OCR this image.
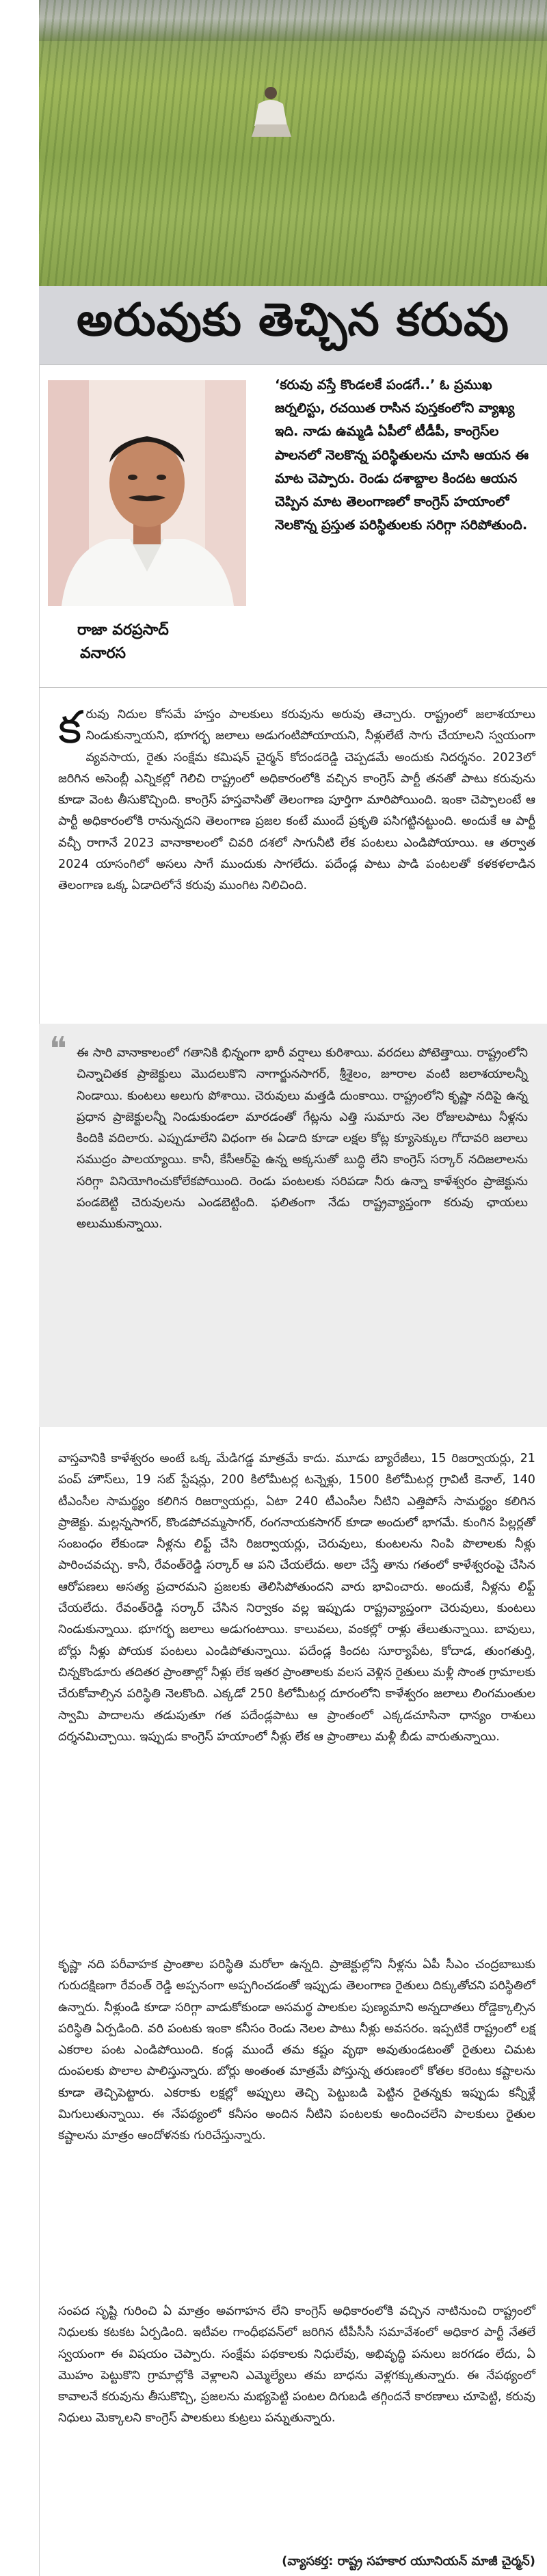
అరువుకు తెచ్చిన కరువు
రాజా వరప్రసాద్
వనారస
‘కరువు వస్తే కొండలకే పండగే..’ ఓ ప్రముఖ జర్నలిస్టు, రచయిత రాసిన పుస్తకంలోని వ్యాఖ్య ఇది. నాడు ఉమ్మడి ఏపీలో టీడీపీ, కాంగ్రెస్‌ల పాలనలో నెలకొన్న పరిస్థితులను చూసి ఆయన ఈ మాట చెప్పారు. రెండు దశాబ్దాల కిందట ఆయన చెప్పిన మాట తెలంగాణలో కాంగ్రెస్‌ హయాంలో నెలకొన్న ప్రస్తుత పరిస్థితులకు సరిగ్గా సరిపోతుంది.

కరువు నిదుల కోసమే హస్తం పాలకులు కరువును అరువు తెచ్చారు. రాష్ట్రంలో జలాశయాలు నిండుకున్నాయని, భూగర్భ జలాలు అడుగంటిపోయాయని, నీళ్లులేటే సాగు చేయాలని స్వయంగా వ్యవసాయ, రైతు సంక్షేమ కమిషన్‌ చైర్మన్‌ కోదండరెడ్డి చెప్పడమే అందుకు నిదర్శనం. 2023లో జరిగిన అసెంబ్లీ ఎన్నికల్లో గెలిచి రాష్ట్రంలో అధికారంలోకి వచ్చిన కాంగ్రెస్‌ పార్టీ తనతో పాటు కరువును కూడా వెంట తీసుకొచ్చింది. కాంగ్రెస్‌ హస్తవాసితో తెలంగాణ పూర్తిగా మారిపోయింది. ఇంకా చెప్పాలంటే ఆ పార్టీ అధికారంలోకి రానున్నదని తెలంగాణ ప్రజల కంటే ముందే ప్రకృతి పసిగట్టినట్టుంది. అందుకే ఆ పార్టీ వచ్చీ రాగానే 2023 వానాకాలంలో చివరి దశలో సాగునీటి లేక పంటలు ఎండిపోయాయి. ఆ తర్వాత 2024 యాసంగిలో అసలు సాగే ముందుకు సాగలేదు. పదేండ్ల పాటు పాడి పంటలతో కళకళలాడిన తెలంగాణ ఒక్క ఏడాదిలోనే కరువు ముంగిట నిలిచింది.

❝ ఈ సారి వానాకాలంలో గతానికి భిన్నంగా భారీ వర్షాలు కురిశాయి. వరదలు పోటెత్తాయి. రాష్ట్రంలోని చిన్నాచితక ప్రాజెక్టులు మొదలుకొని నాగార్జునసాగర్‌, శ్రీశైలం, జూరాల వంటి జలాశయాలన్నీ నిండాయి. కుంటలు అలుగు పోశాయి. చెరువులు మత్తడి దుంకాయి. రాష్ట్రంలోని కృష్ణా నదిపై ఉన్న ప్రధాన ప్రాజెక్టులన్నీ నిండుకుండలా మారడంతో గేట్లను ఎత్తి సుమారు నెల రోజులపాటు నీళ్లను కిందికి వదిలారు. ఎప్పుడూలేని విధంగా ఈ ఏడాది కూడా లక్షల కోట్ల క్యూసెక్కుల గోదావరి జలాలు సముద్రం పాలయ్యాయి. కానీ, కేసీఆర్‌పై ఉన్న అక్కసుతో బుద్ధి లేని కాంగ్రెస్‌ సర్కార్‌ నదిజలాలను సరిగ్గా వినియోగించుకోలేకపోయింది. రెండు పంటలకు సరిపడా నీరు ఉన్నా కాళేశ్వరం ప్రాజెక్టును పండబెట్టి చెరువులను ఎండబెట్టింది. ఫలితంగా నేడు రాష్ట్రవ్యాప్తంగా కరువు ఛాయలు అలుముకున్నాయి.

వాస్తవానికి కాళేశ్వరం అంటే ఒక్క మేడిగడ్డ మాత్రమే కాదు. మూడు బ్యారేజీలు, 15 రిజర్వాయర్లు, 21 పంప్‌ హౌస్‌లు, 19 సబ్‌ స్టేషన్లు, 200 కిలోమీటర్ల టన్నెళ్లు, 1500 కిలోమీటర్ల గ్రావిటీ కెనాల్‌, 140 టీఎంసీల సామర్థ్యం కలిగిన రిజర్వాయర్లు, ఏటా 240 టీఎంసీల నీటిని ఎత్తిపోసే సామర్థ్యం కలిగిన ప్రాజెక్టు. మల్లన్నసాగర్‌, కొండపోచమ్మసాగర్‌, రంగనాయకసాగర్‌ కూడా అందులో భాగమే. కుంగిన పిల్లర్లతో సంబంధం లేకుండా నీళ్లను లిఫ్ట్‌ చేసి రిజర్వాయర్లు, చెరువులు, కుంటలను నింపి పొలాలకు నీళ్లు పారించవచ్చు. కానీ, రేవంత్‌రెడ్డి సర్కార్‌ ఆ పని చేయలేదు. అలా చేస్తే తాను గతంలో కాళేశ్వరంపై చేసిన ఆరోపణలు అసత్య ప్రచారమని ప్రజలకు తెలిసిపోతుందని వారు భావించారు. అందుకే, నీళ్లను లిఫ్ట్‌ చేయలేదు. రేవంత్‌రెడ్డి సర్కార్‌ చేసిన నిర్వాకం వల్ల ఇప్పుడు రాష్ట్రవ్యాప్తంగా చెరువులు, కుంటలు నిండుకున్నాయి. భూగర్భ జలాలు అడుగంటాయి. కాలువలు, వంకల్లో రాళ్లు తేలుతున్నాయి. బావులు, బోర్లు నీళ్లు పోయక పంటలు ఎండిపోతున్నాయి. పదేండ్ల కిందట సూర్యాపేట, కోదాడ, తుంగతుర్తి, చిన్నకొండూరు తదితర ప్రాంతాల్లో నీళ్లు లేక ఇతర ప్రాంతాలకు వలస వెళ్లిన రైతులు మళ్లీ సొంత గ్రామాలకు చేరుకోవాల్సిన పరిస్థితి నెలకొంది. ఎక్కడో 250 కిలోమీటర్ల దూరంలోని కాళేశ్వరం జలాలు లింగమంతుల స్వామి పాదాలను తడుపుతూ గత పదేండ్లపాటు ఆ ప్రాంతంలో ఎక్కడచూసినా ధాన్యం రాశులు దర్శనమిచ్చాయి. ఇప్పుడు కాంగ్రెస్‌ హయాంలో నీళ్లు లేక ఆ ప్రాంతాలు మళ్లీ బీడు వారుతున్నాయి.

కృష్ణా నది పరీవాహక ప్రాంతాల పరిస్థితి మరోలా ఉన్నది. ప్రాజెక్టుల్లోని నీళ్లను ఏపీ సీఎం చంద్రబాబుకు గురుదక్షిణగా రేవంత్‌ రెడ్డి అప్పనంగా అప్పగించడంతో ఇప్పుడు తెలంగాణ రైతులు దిక్కుతోచని పరిస్థితిలో ఉన్నారు. నీళ్లుండి కూడా సరిగ్గా వాడుకోకుండా అసమర్థ పాలకుల పుణ్యమాని అన్నదాతలు రోడ్డెక్కాల్సిన పరిస్థితి ఏర్పడింది. వరి పంటకు ఇంకా కనీసం రెండు నెలల పాటు నీళ్లు అవసరం. ఇప్పటికే రాష్ట్రంలో లక్ష ఎకరాల పంట ఎండిపోయింది. కండ్ల ముందే తమ కష్టం వృథా అవుతుండటంతో రైతులు చిమట దుంపలకు పొలాల పాలిస్తున్నారు. బోర్లు అంతంత మాత్రమే పోస్తున్న తరుణంలో కోతల కరెంటు కష్టాలను కూడా తెచ్చిపెట్టారు. ఎకరాకు లక్షల్లో అప్పులు తెచ్చి పెట్టుబడి పెట్టిన రైతన్నకు ఇప్పుడు కన్నీళ్లే మిగులుతున్నాయి. ఈ నేపథ్యంలో కనీసం అందిన నీటిని పంటలకు అందించలేని పాలకులు రైతుల కష్టాలను మాత్రం ఆందోళనకు గురిచేస్తున్నారు.

సంపద సృష్టి గురించి ఏ మాత్రం అవగాహన లేని కాంగ్రెస్‌ అధికారంలోకి వచ్చిన నాటినుంచి రాష్ట్రంలో నిధులకు కటకట ఏర్పడింది. ఇటీవల గాంధీభవన్‌లో జరిగిన టీపీసీసీ సమావేశంలో అధికార పార్టీ నేతలే స్వయంగా ఈ విషయం చెప్పారు. సంక్షేమ పథకాలకు నిధులేవు, అభివృద్ధి పనులు జరగడం లేదు, ఏ మొహం పెట్టుకొని గ్రామాల్లోకి వెళ్లాలని ఎమ్మెల్యేలు తమ బాధను వెళ్లగక్కుతున్నారు. ఈ నేపథ్యంలో కావాలనే కరువును తీసుకొచ్చి, ప్రజలను మభ్యపెట్టి పంటల దిగుబడి తగ్గిందనే కారణాలు చూపెట్టి, కరువు నిధులు మెక్కాలని కాంగ్రెస్‌ పాలకులు కుట్రలు పన్నుతున్నారు.

(వ్యాసకర్త: రాష్ట్ర సహకార యూనియన్‌ మాజీ చైర్మన్‌)
